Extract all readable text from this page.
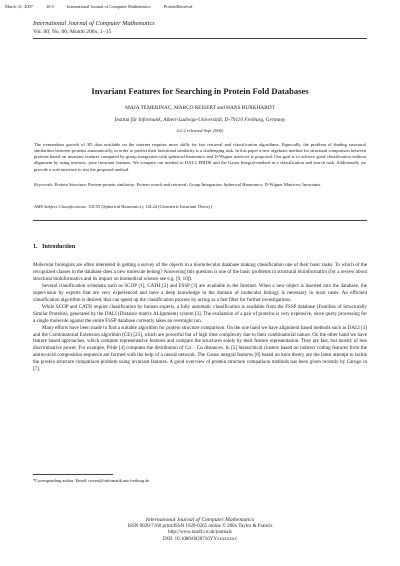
March 31, 2007	10:5	International Journal of Computer Mathematics	ProteinRetrieval
International Journal of Computer Mathematics
Vol. 00, No. 00, Month 200x, 1–15
Invariant Features for Searching in Protein Fold Databases
MAJA TEMERINAC, MARCO REISERT and HANS BURKHARDT
Institut für Informatik, Albert-Ludwigs-Universität, D-79110 Freiburg, Germany
(v2.2 released Sept 2006)
The tremendous growth of 3D data available on the internet requires more skills for fast retrieval and classification algorithms. Especially, the problem of finding structural similarities between proteins automatically, in order to predict their functional similarity is a challenging task. In this paper a new algebraic method for structural comparison between proteins based on invariant features computed by group integration with spherical harmonics and D-Wigner matrices is proposed. Our goal is to achieve good classification without alignment by using intrinsic, pose invariant features. We compare our method to DALI, PRIDE and the Gauss Integral-method in a classification and search task. Additionally we provide a web interface to test the proposed method.
Keywords: Protein Structure; Protein-protein similarity; Protein search and retrieval; Group Integration; Spherical Harmonics; D-Wigner Matrices; Invariants
AMS Subject Classifications: 33C55 (Spherical Harmonics); 14L24 (Geometric Invariant Theory)
1. Introduction

Molecular biologists are often interested in getting a survey of the objects in a biomolecular database making classification one of their basic tasks: To which of the recognized classes in the database does a new molecule belong? Answering this question is one of the basic problems in structural bioinformatics (for a review about structural bioinformatics and its impact on biomedical science see e.g. [9, 10]).

Several classification schemata such as SCOP [1], CATH [2] and FSSP [3] are available in the Internet. When a new object is inserted into the database, the supervision by experts that are very experienced and have a deep knowledge in the domain of molecular biology is necessary in most cases. An efficient classification algorithm is desired, that can speed up the classification process by acting as a fast filter for further investigations.

While SCOP and CATH require classification by human experts, a fully automatic classification is available from the FSSP database (Families of Structurally Similar Proteins), generated by the DALI (Distance matrix ALIgnment) system [3]. The evaluation of a pair of proteins is very expensive, since query processing for a single molecule against the entire FSSP database currently takes an overnight run.

Many efforts have been made to find a suitable algorithm for protein structure comparison. On the one hand we have alignment based methods such as DALI [3] and the Combinatorial Extension algorithm (CE) [23], which are powerful but of high time complexity due to their combinatorial nature. On the other hand we have feature based approaches, which compute representative features and compare the structures solely by their feature representation. They are fast, but mostly of less discriminative power. For example, Pride [4] computes the distribution of Cα − Cα distances. In [5] hierarchical clusters based on indirect coding features from the amino-acid composition sequence are formed with the help of a neural network. The Gauss integral features [6] based on knot theory are the latest attempt to tackle the protein structure comparison problem using invariant features. A good overview of protein structure comparison methods has been given recently by Carugo in [7].

*Corresponding author. Email: reisert@informatik.uni-freiburg.de
International Journal of Computer Mathematics
ISSN 0020-7160 print/ISSN 1029-0265 online © 200x Taylor & Francis
http://www.tandf.co.uk/journals
DOI: 10.1080/0020716YYxxxxxxxx
